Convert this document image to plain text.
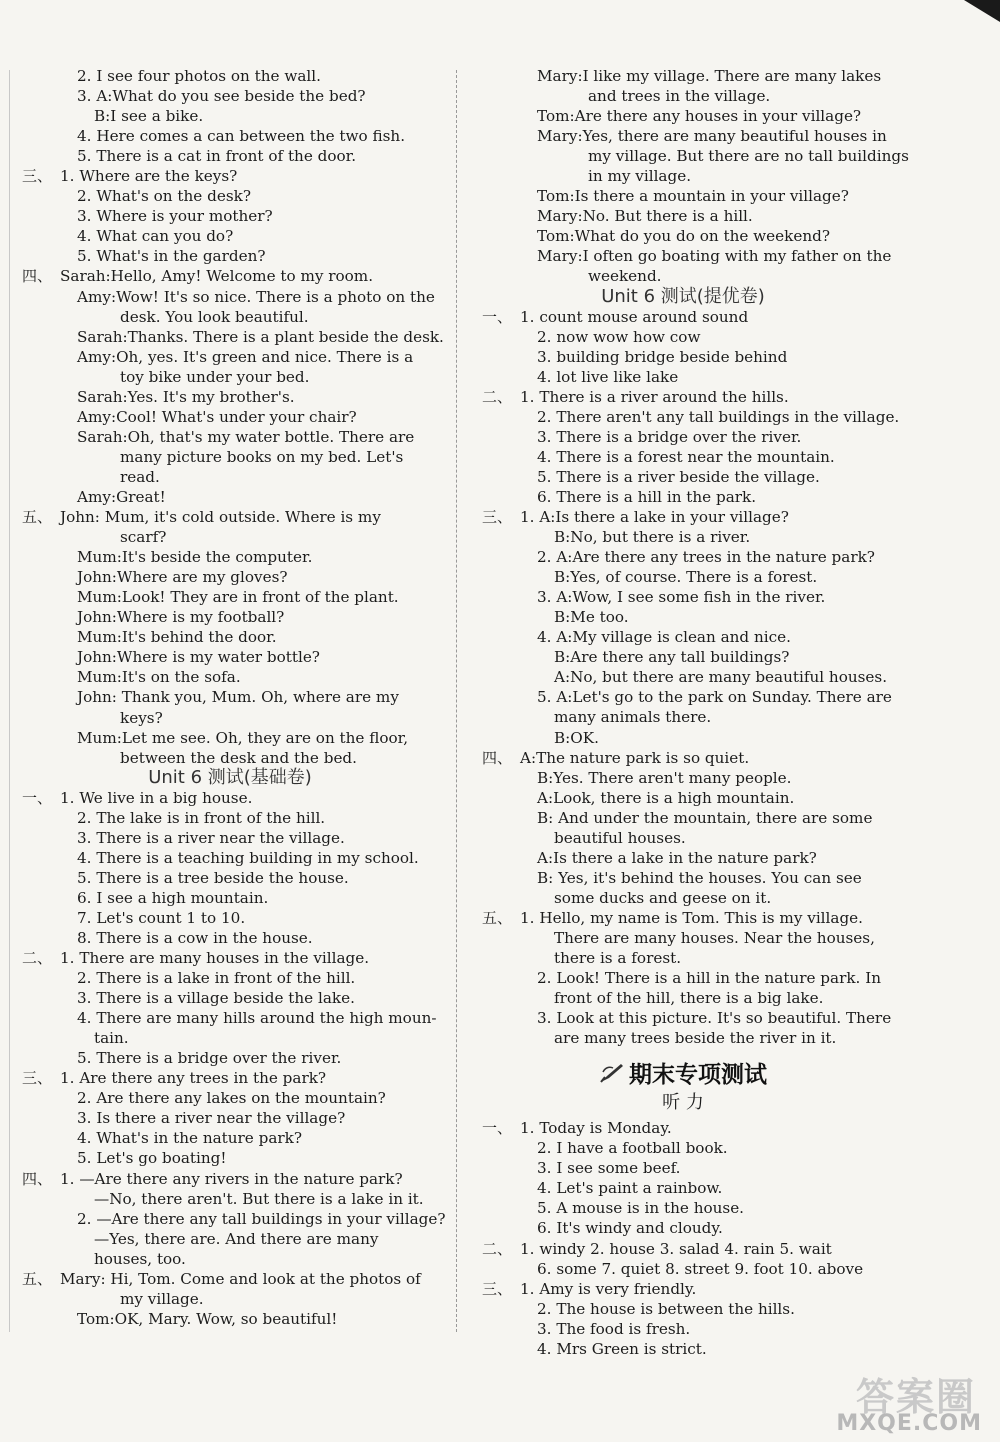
2. I see four photos on the wall.
3. A:What do you see beside the bed?
B:I see a bike.
4. Here comes a can between the two fish.
5. There is a cat in front of the door.
三、 1. Where are the keys?
2. What's on the desk?
3. Where is your mother?
4. What can you do?
5. What's in the garden?
四、 Sarah:Hello, Amy! Welcome to my room.
Amy:Wow! It's so nice. There is a photo on the
desk. You look beautiful.
Sarah:Thanks. There is a plant beside the desk.
Amy:Oh, yes. It's green and nice. There is a
toy bike under your bed.
Sarah:Yes. It's my brother's.
Amy:Cool! What's under your chair?
Sarah:Oh, that's my water bottle. There are
many picture books on my bed. Let's
read.
Amy:Great!
五、 John: Mum, it's cold outside. Where is my
scarf?
Mum:It's beside the computer.
John:Where are my gloves?
Mum:Look! They are in front of the plant.
John:Where is my football?
Mum:It's behind the door.
John:Where is my water bottle?
Mum:It's on the sofa.
John: Thank you, Mum. Oh, where are my
keys?
Mum:Let me see. Oh, they are on the floor,
between the desk and the bed.
Unit 6 测试(基础卷)
一、 1. We live in a big house.
2. The lake is in front of the hill.
3. There is a river near the village.
4. There is a teaching building in my school.
5. There is a tree beside the house.
6. I see a high mountain.
7. Let's count 1 to 10.
8. There is a cow in the house.
二、 1. There are many houses in the village.
2. There is a lake in front of the hill.
3. There is a village beside the lake.
4. There are many hills around the high moun-
tain.
5. There is a bridge over the river.
三、 1. Are there any trees in the park?
2. Are there any lakes on the mountain?
3. Is there a river near the village?
4. What's in the nature park?
5. Let's go boating!
四、 1. —Are there any rivers in the nature park?
—No, there aren't. But there is a lake in it.
2. —Are there any tall buildings in your village?
—Yes, there are. And there are many
houses, too.
五、 Mary: Hi, Tom. Come and look at the photos of
my village.
Tom:OK, Mary. Wow, so beautiful!
Mary:I like my village. There are many lakes
and trees in the village.
Tom:Are there any houses in your village?
Mary:Yes, there are many beautiful houses in
my village. But there are no tall buildings
in my village.
Tom:Is there a mountain in your village?
Mary:No. But there is a hill.
Tom:What do you do on the weekend?
Mary:I often go boating with my father on the
weekend.
Unit 6 测试(提优卷)
一、 1. count mouse around sound
2. now wow how cow
3. building bridge beside behind
4. lot live like lake
二、 1. There is a river around the hills.
2. There aren't any tall buildings in the village.
3. There is a bridge over the river.
4. There is a forest near the mountain.
5. There is a river beside the village.
6. There is a hill in the park.
三、 1. A:Is there a lake in your village?
B:No, but there is a river.
2. A:Are there any trees in the nature park?
B:Yes, of course. There is a forest.
3. A:Wow, I see some fish in the river.
B:Me too.
4. A:My village is clean and nice.
B:Are there any tall buildings?
A:No, but there are many beautiful houses.
5. A:Let's go to the park on Sunday. There are
many animals there.
B:OK.
四、 A:The nature park is so quiet.
B:Yes. There aren't many people.
A:Look, there is a high mountain.
B: And under the mountain, there are some
beautiful houses.
A:Is there a lake in the nature park?
B: Yes, it's behind the houses. You can see
some ducks and geese on it.
五、 1. Hello, my name is Tom. This is my village.
There are many houses. Near the houses,
there is a forest.
2. Look! There is a hill in the nature park. In
front of the hill, there is a big lake.
3. Look at this picture. It's so beautiful. There
are many trees beside the river in it.
期末专项测试
听 力
一、 1. Today is Monday.
2. I have a football book.
3. I see some beef.
4. Let's paint a rainbow.
5. A mouse is in the house.
6. It's windy and cloudy.
二、 1. windy 2. house 3. salad 4. rain 5. wait
6. some 7. quiet 8. street 9. foot 10. above
三、 1. Amy is very friendly.
2. The house is between the hills.
3. The food is fresh.
4. Mrs Green is strict.
答案圈
MXQE.COM
